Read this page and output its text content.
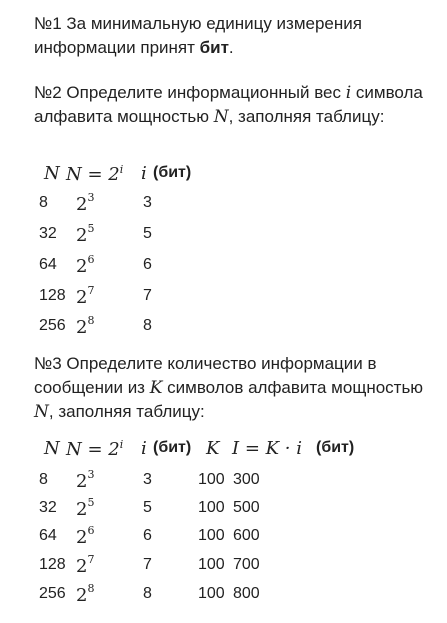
№1 За минимальную единицу измерения информации принят бит.

№2 Определите информационный вес i символа алфавита мощностью N, заполняя таблицу:

N $N = 2^i$ i (бит)
8 $2^3$	3
32 $2^5$	5
64 $2^6$	6
128 $2^7$	7
256 $2^8$	8

№3 Определите количество информации в сообщении из K символов алфавита мощностью N, заполняя таблицу:

N $N = 2^i$ i (бит) K I = K · i (бит)
8 $2^3$	3	100 300
32 $2^5$	5	100 500
64 $2^6$	6	100 600
128 $2^7$	7	100 700
256 $2^8$	8	100 800
